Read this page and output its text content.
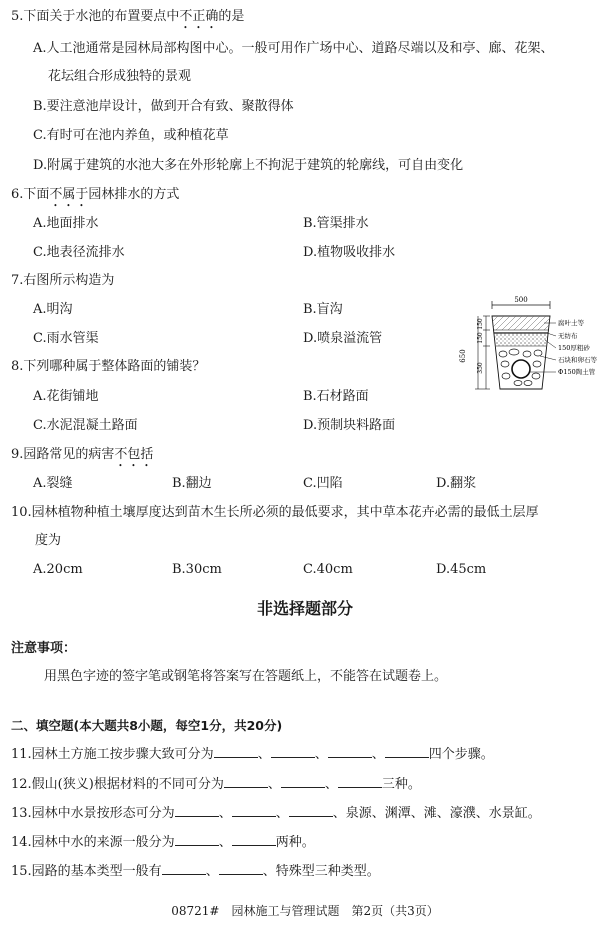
5.下面关于水池的布置要点中不正确的是
A.人工池通常是园林局部构图中心。一般可用作广场中心、道路尽端以及和亭、廊、花架、
花坛组合形成独特的景观
B.要注意池岸设计，做到开合有致、聚散得体
C.有时可在池内养鱼，或种植花草
D.附属于建筑的水池大多在外形轮廓上不拘泥于建筑的轮廓线，可自由变化
6.下面不属于园林排水的方式
A.地面排水	B.管渠排水
C.地表径流排水	D.植物吸收排水
7.右图所示构造为
A.明沟	B.盲沟
C.雨水管渠	D.喷泉溢流管
500
650
150
150
350
腐叶土等
无纺布
150厚粗砂
石块和卵石等
Φ150陶土管
8.下列哪种属于整体路面的铺装？
A.花街铺地	B.石材路面
C.水泥混凝土路面	D.预制块料路面
9.园路常见的病害不包括
A.裂缝	B.翻边	C.凹陷	D.翻浆
10.园林植物种植土壤厚度达到苗木生长所必须的最低要求，其中草本花卉必需的最低土层厚
度为
A.20cm	B.30cm	C.40cm	D.45cm
非选择题部分
注意事项：
用黑色字迹的签字笔或钢笔将答案写在答题纸上，不能答在试题卷上。
二、填空题(本大题共8小题，每空1分，共20分)
11.园林土方施工按步骤大致可分为	、	、	、	四个步骤。
12.假山(狭义)根据材料的不同可分为	、	、	三种。
13.园林中水景按形态可分为	、	、	、泉源、渊潭、滩、濠濮、水景缸。
14.园林中水的来源一般分为	、	两种。
15.园路的基本类型一般有	、	、特殊型三种类型。
08721#　园林施工与管理试题　第2页（共3页）
